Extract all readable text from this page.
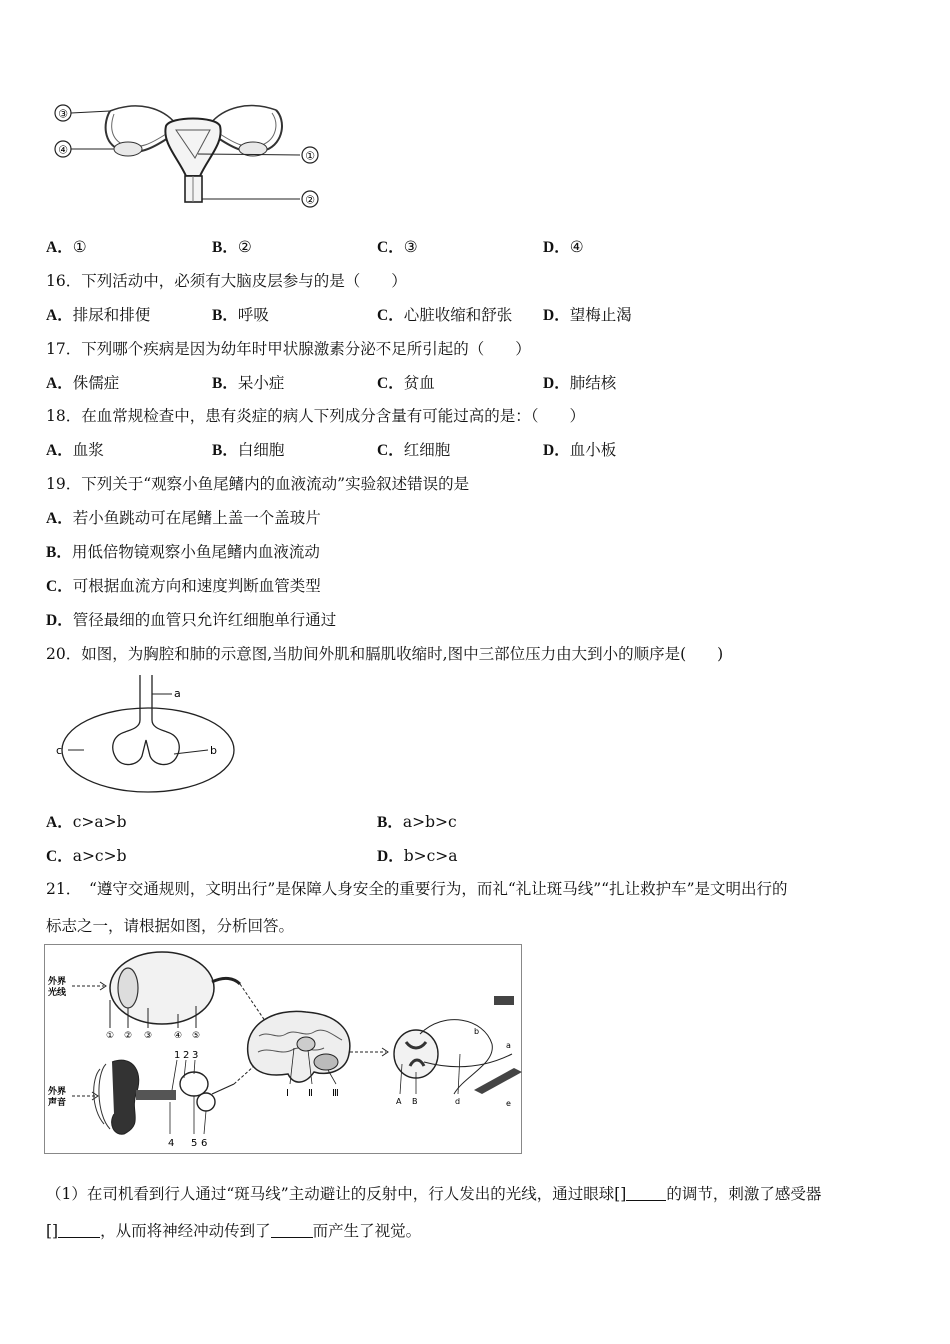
③
④	①
②
A．①	B．②	C．③	D．④
16．下列活动中，必须有大脑皮层参与的是（　　）
A．排尿和排便	B．呼吸	C．心脏收缩和舒张 D．望梅止渴
17．下列哪个疾病是因为幼年时甲状腺激素分泌不足所引起的（　　）
A．侏儒症	B．呆小症	C．贫血	D．肺结核
18．在血常规检查中，患有炎症的病人下列成分含量有可能过高的是：（　　）
A．血浆	B．白细胞	C．红细胞	D．血小板
19．下列关于“观察小鱼尾鳍内的血液流动”实验叙述错误的是
A．若小鱼跳动可在尾鳍上盖一个盖玻片
B．用低倍物镜观察小鱼尾鳍内血液流动
C．可根据血流方向和速度判断血管类型
D．管径最细的血管只允许红细胞单行通过
20．如图，为胸腔和肺的示意图,当肋间外肌和膈肌收缩时,图中三部位压力由大到小的顺序是(　　)
a
b
c
A．c>a>b	B．a>b>c
C．a>c>b	D．b>c>a
21．　“遵守交通规则，文明出行”是保障人身安全的重要行为，而礼“礼让斑马线”“扎让救护车”是文明出行的
标志之一，请根据如图，分析回答。
外界
光线
① ② ③ ④ ⑤
外界
声音
1 2 3
4 5 6
Ⅰ Ⅱ Ⅲ
A B	d	e
a
b
（1）在司机看到行人通过“斑马线”主动避让的反射中，行人发出的光线，通过眼球[]	的调节，刺激了感受器
[]	，从而将神经冲动传到了	而产生了视觉。
